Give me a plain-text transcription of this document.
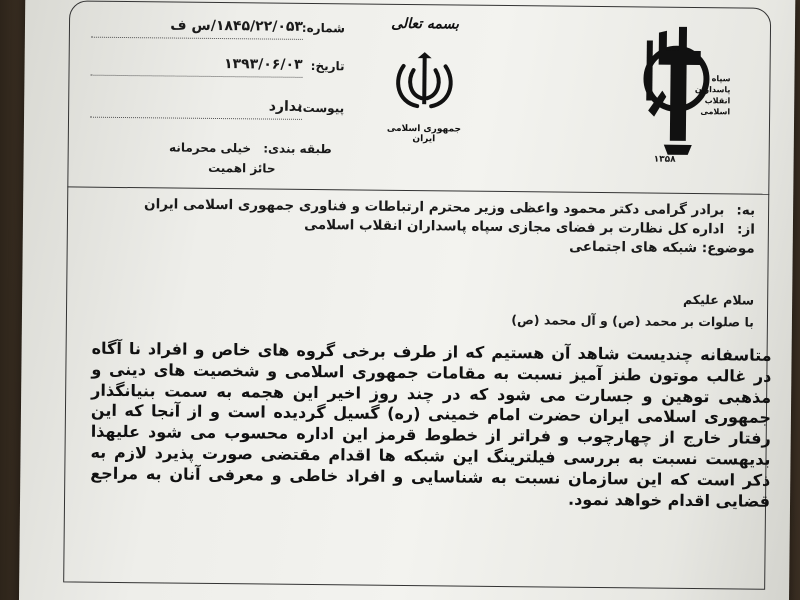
شماره:
۱۸۴۵/۲۲/۰۵۳/س ف
تاریخ:
۱۳۹۳/۰۶/۰۳
پیوست:
ندارد
طبقه بندی: خیلی محرمانه
حائز اهمیت
بسمه تعالی
جمهوری اسلامی ایران
سپاه
پاسداران
انقلاب
اسلامی
۱۳۵۸
به: برادر گرامی دکتر محمود واعظی وزیر محترم ارتباطات و فناوری جمهوری اسلامی ایران
از: اداره کل نظارت بر فضای مجازی سپاه پاسداران انقلاب اسلامی
موضوع: شبکه های اجتماعی
سلام علیکم
با صلوات بر محمد (ص) و آل محمد (ص)
متاسفانه چندیست شاهد آن هستیم که از طرف برخی گروه های خاص و افراد نا آگاه در غالب موتون طنز آمیز نسبت به مقامات جمهوری اسلامی و شخصیت های دینی و مذهبی توهین و جسارت می شود که در چند روز اخیر این هجمه به سمت بنیانگذار جمهوری اسلامی ایران حضرت امام خمینی (ره) گسیل گردیده است و از آنجا که این رفتار خارج از چهارچوب و فراتر از خطوط قرمز این اداره محسوب می شود علیهذا بدیهست نسبت به بررسی فیلترینگ این شبکه ها اقدام مقتضی صورت پذیرد لازم به ذکر است که این سازمان نسبت به شناسایی و افراد خاطی و معرفی آنان به مراجع قضایی اقدام خواهد نمود.
